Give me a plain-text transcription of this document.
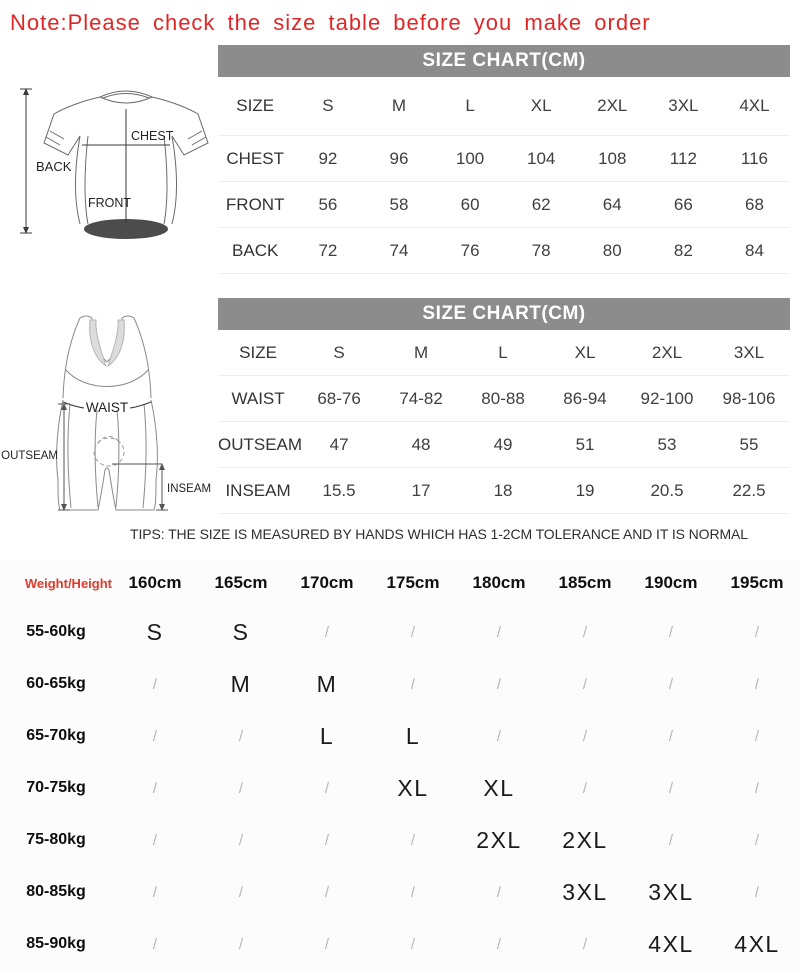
Note:Please check the size table before you make order
BACK
CHEST
FRONT
SIZE CHART(CM)
SIZE	S	M	L	XL	2XL	3XL	4XL
CHEST	92	96	100	104	108	112	116
FRONT	56	58	60	62	64	66	68
BACK	72	74	76	78	80	82	84
WAIST
OUTSEAM
INSEAM
SIZE CHART(CM)
SIZE	S	M	L	XL	2XL	3XL
WAIST	68-76	74-82	80-88	86-94	92-100	98-106
OUTSEAM	47	48	49	51	53	55
INSEAM	15.5	17	18	19	20.5	22.5
TIPS: THE SIZE IS MEASURED BY HANDS WHICH HAS 1-2CM TOLERANCE AND IT IS NORMAL
Weight/Height 160cm	165cm	170cm	175cm	180cm	185cm	190cm	195cm
55-60kg	S	S	/	/	/	/	/	/
60-65kg	/	M	M	/	/	/	/	/
65-70kg	/	/	L	L	/	/	/	/
70-75kg	/	/	/	XL	XL	/	/	/
75-80kg	/	/	/	/	2XL	2XL	/	/
80-85kg	/	/	/	/	/	3XL	3XL	/
85-90kg	/	/	/	/	/	/	4XL	4XL
